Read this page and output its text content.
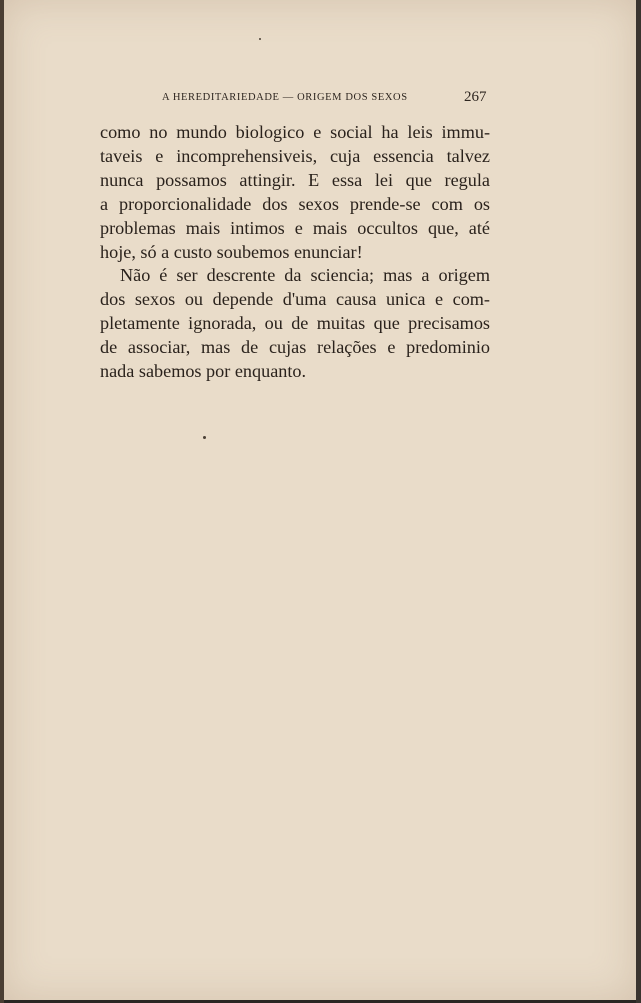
A HEREDITARIEDADE — ORIGEM DOS SEXOS	267
como no mundo biologico e social ha leis immu-
taveis e incomprehensiveis, cuja essencia talvez
nunca possamos attingir. E essa lei que regula
a proporcionalidade dos sexos prende-se com os
problemas mais intimos e mais occultos que, até
hoje, só a custo soubemos enunciar!
Não é ser descrente da sciencia; mas a origem
dos sexos ou depende d'uma causa unica e com-
pletamente ignorada, ou de muitas que precisamos
de associar, mas de cujas relações e predominio
nada sabemos por enquanto.
